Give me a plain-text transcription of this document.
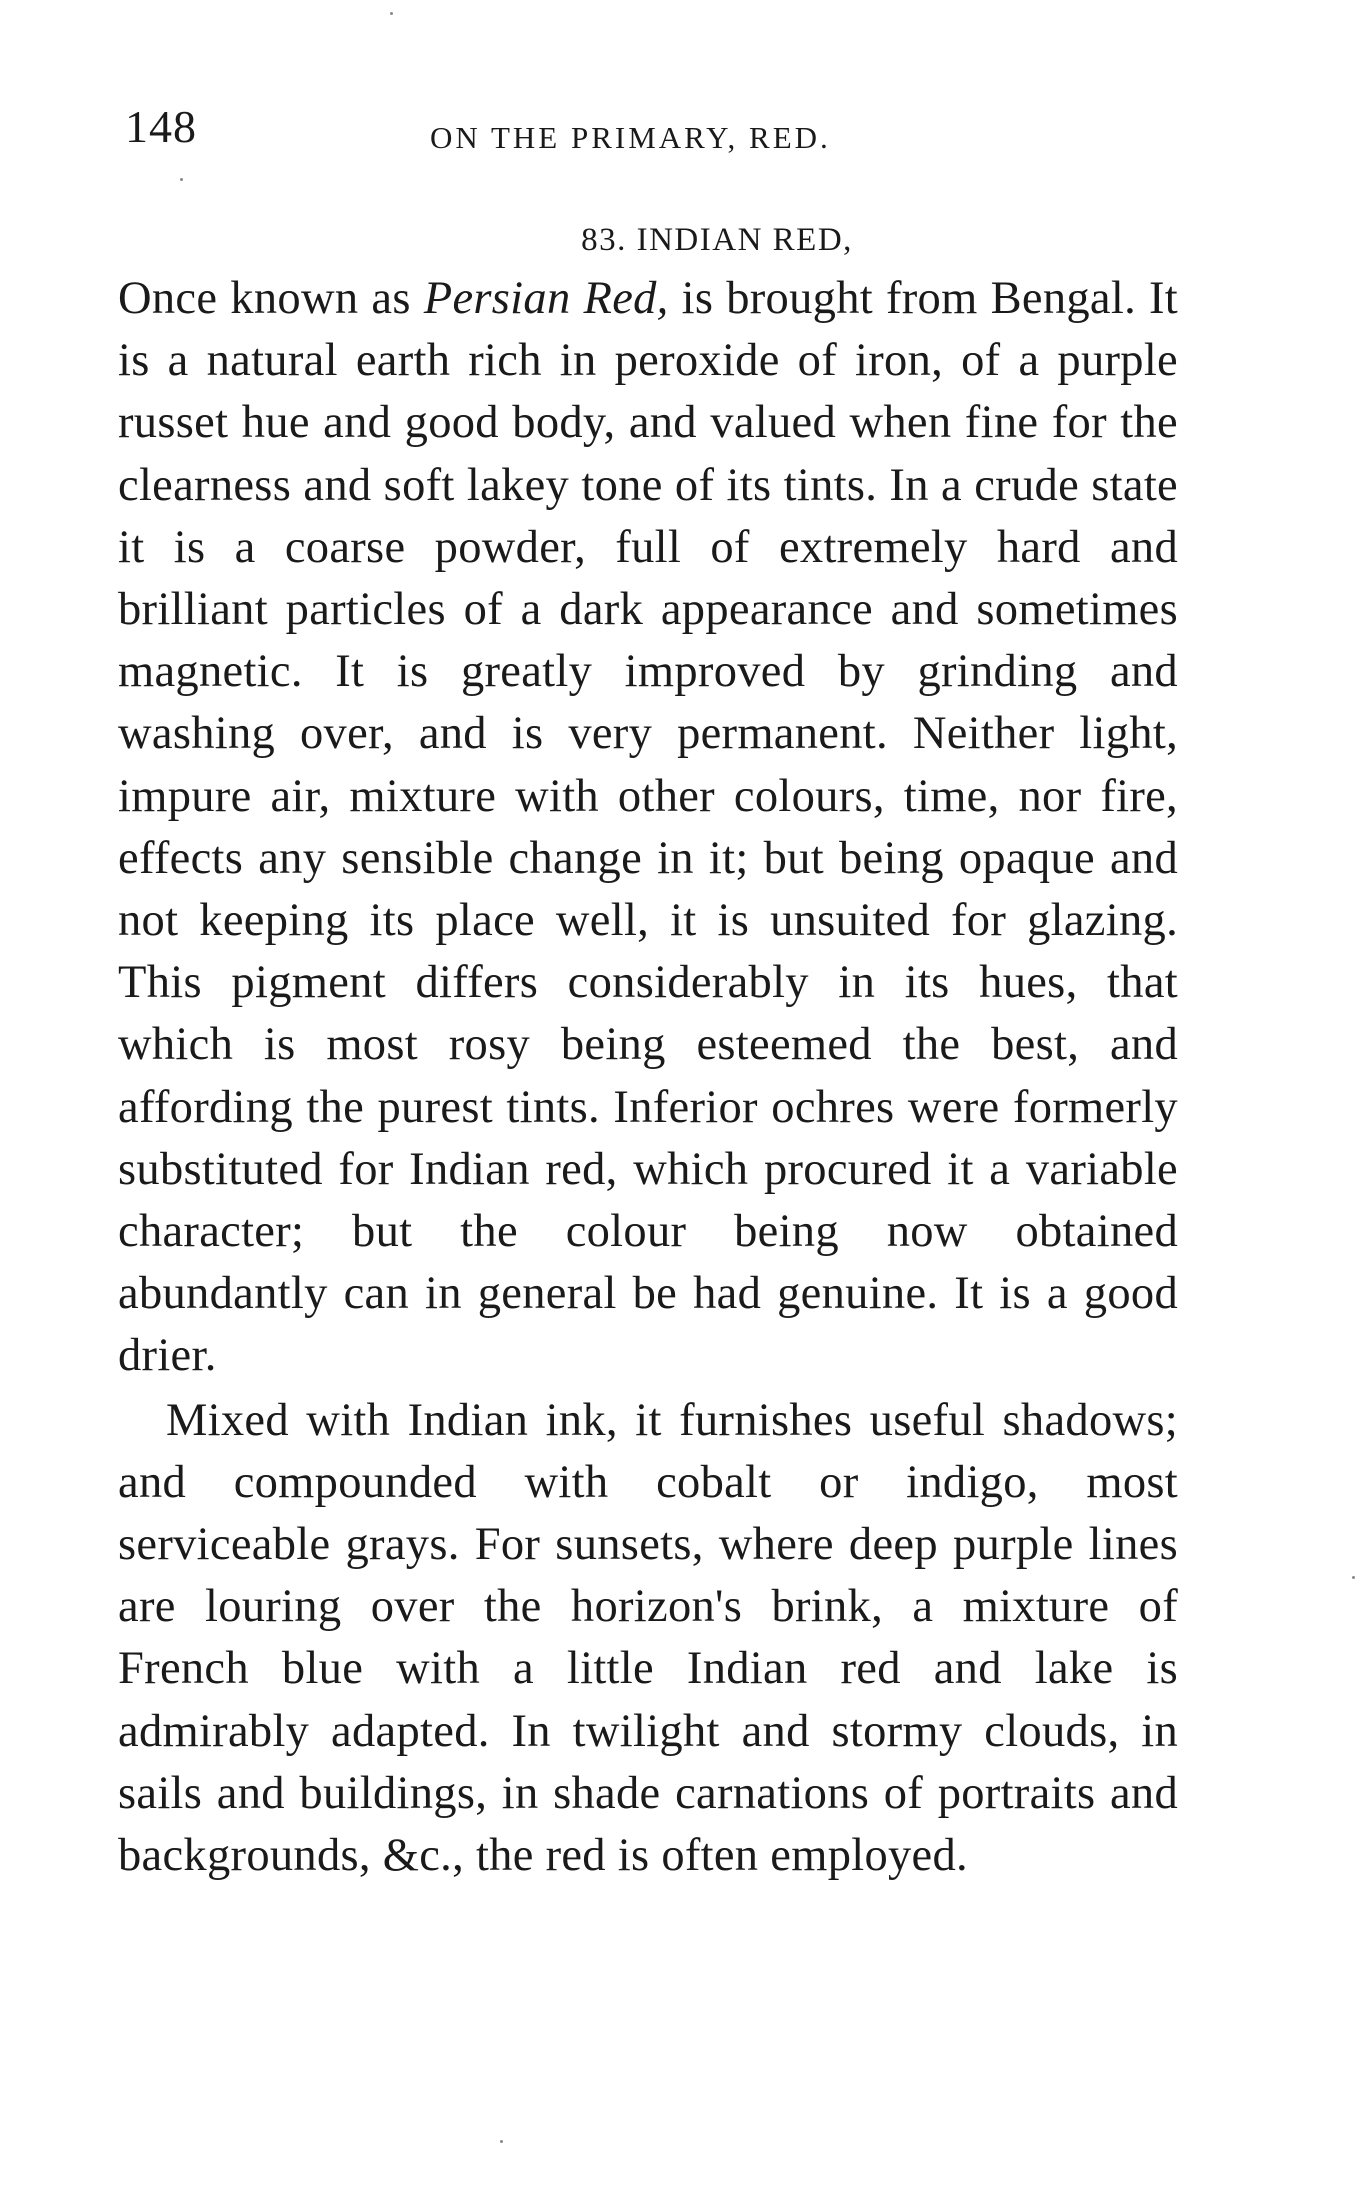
148	ON THE PRIMARY, RED.
83. INDIAN RED,

Once known as Persian Red, is brought from Bengal. It is a natural earth rich in peroxide of iron, of a purple russet hue and good body, and valued when fine for the clearness and soft lakey tone of its tints. In a crude state it is a coarse powder, full of extremely hard and brilliant particles of a dark appearance and sometimes magnetic. It is greatly improved by grinding and washing over, and is very permanent. Neither light, impure air, mixture with other colours, time, nor fire, effects any sensible change in it; but being opaque and not keeping its place well, it is unsuited for glazing. This pigment differs considerably in its hues, that which is most rosy being esteemed the best, and affording the purest tints. Inferior ochres were formerly substituted for Indian red, which procured it a variable character; but the colour being now obtained abundantly can in general be had genuine. It is a good drier.

Mixed with Indian ink, it furnishes useful shadows; and compounded with cobalt or indigo, most serviceable grays. For sunsets, where deep purple lines are louring over the horizon's brink, a mixture of French blue with a little Indian red and lake is admirably adapted. In twilight and stormy clouds, in sails and buildings, in shade carnations of portraits and backgrounds, &c., the red is often employed.
